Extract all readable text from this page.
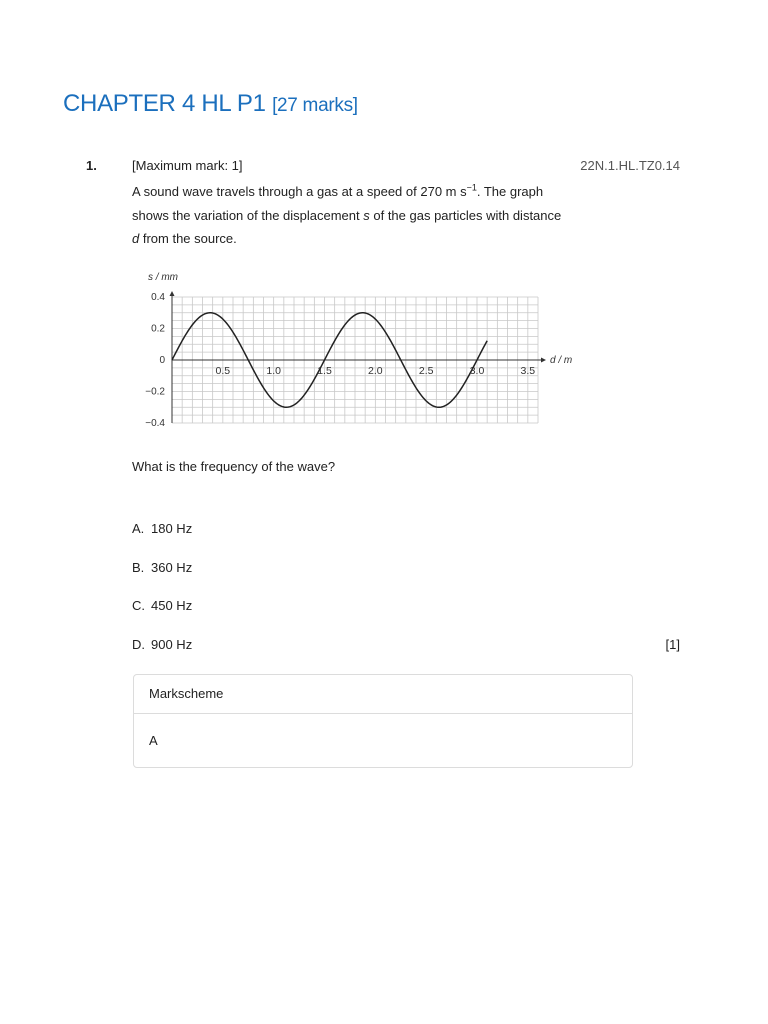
CHAPTER 4 HL P1 [27 marks]
1.	[Maximum mark: 1]	22N.1.HL.TZ0.14
A sound wave travels through a gas at a speed of 270 m $s^{-1}$. The graph shows the variation of the displacement s of the gas particles with distance d from the source.
s / mm
d / m
0.4
0.2
0
−0.2
−0.4
0.5	1.0	1.5	2.0	2.5	3.0	3.5
What is the frequency of the wave?
A. 180 Hz
B. 360 Hz
C. 450 Hz
D. 900 Hz	[1]
Markscheme
A
